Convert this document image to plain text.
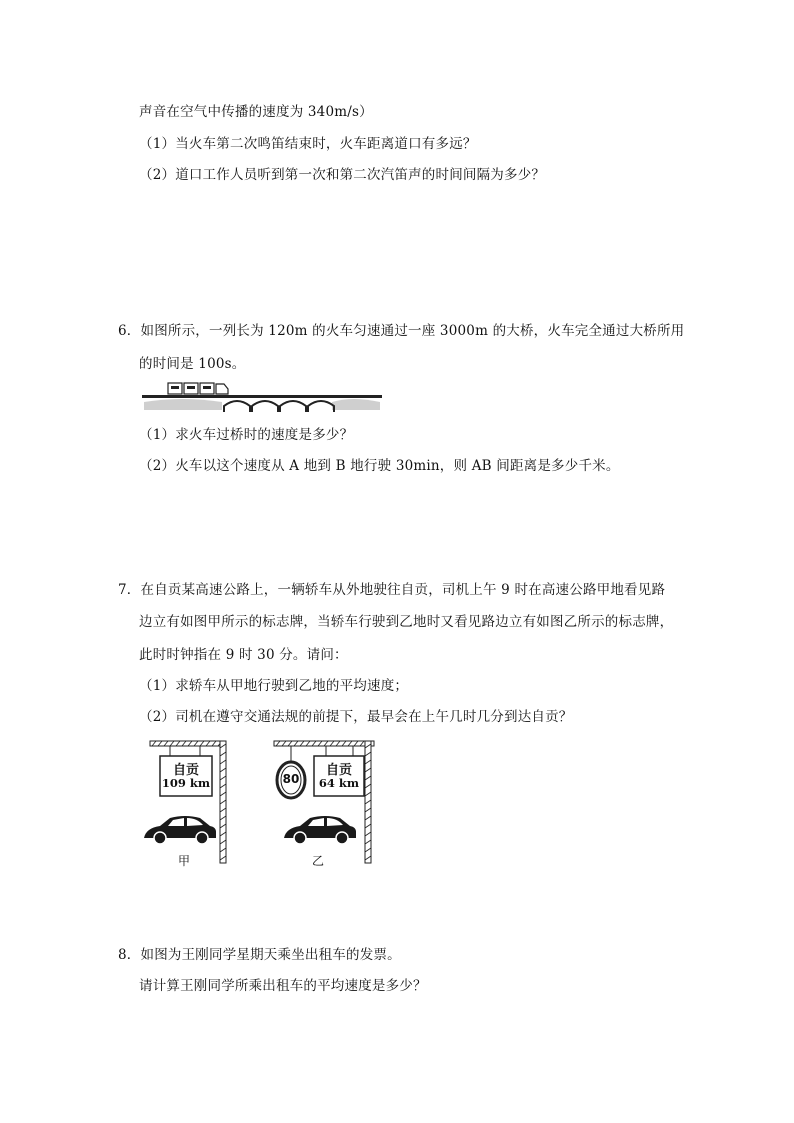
声音在空气中传播的速度为 340m/s）
（1）当火车第二次鸣笛结束时，火车距离道口有多远？
（2）道口工作人员听到第一次和第二次汽笛声的时间间隔为多少？
6．如图所示，一列长为 120m 的火车匀速通过一座 3000m 的大桥，火车完全通过大桥所用
的时间是 100s。
（1）求火车过桥时的速度是多少？
（2）火车以这个速度从 A 地到 B 地行驶 30min，则 AB 间距离是多少千米。
7．在自贡某高速公路上，一辆轿车从外地驶往自贡，司机上午 9 时在高速公路甲地看见路
边立有如图甲所示的标志牌，当轿车行驶到乙地时又看见路边立有如图乙所示的标志牌，
此时时钟指在 9 时 30 分。请问：
（1）求轿车从甲地行驶到乙地的平均速度；
（2）司机在遵守交通法规的前提下，最早会在上午几时几分到达自贡？
自贡
109 km
甲
80
自贡
64 km
乙
8．如图为王刚同学星期天乘坐出租车的发票。
请计算王刚同学所乘出租车的平均速度是多少？
